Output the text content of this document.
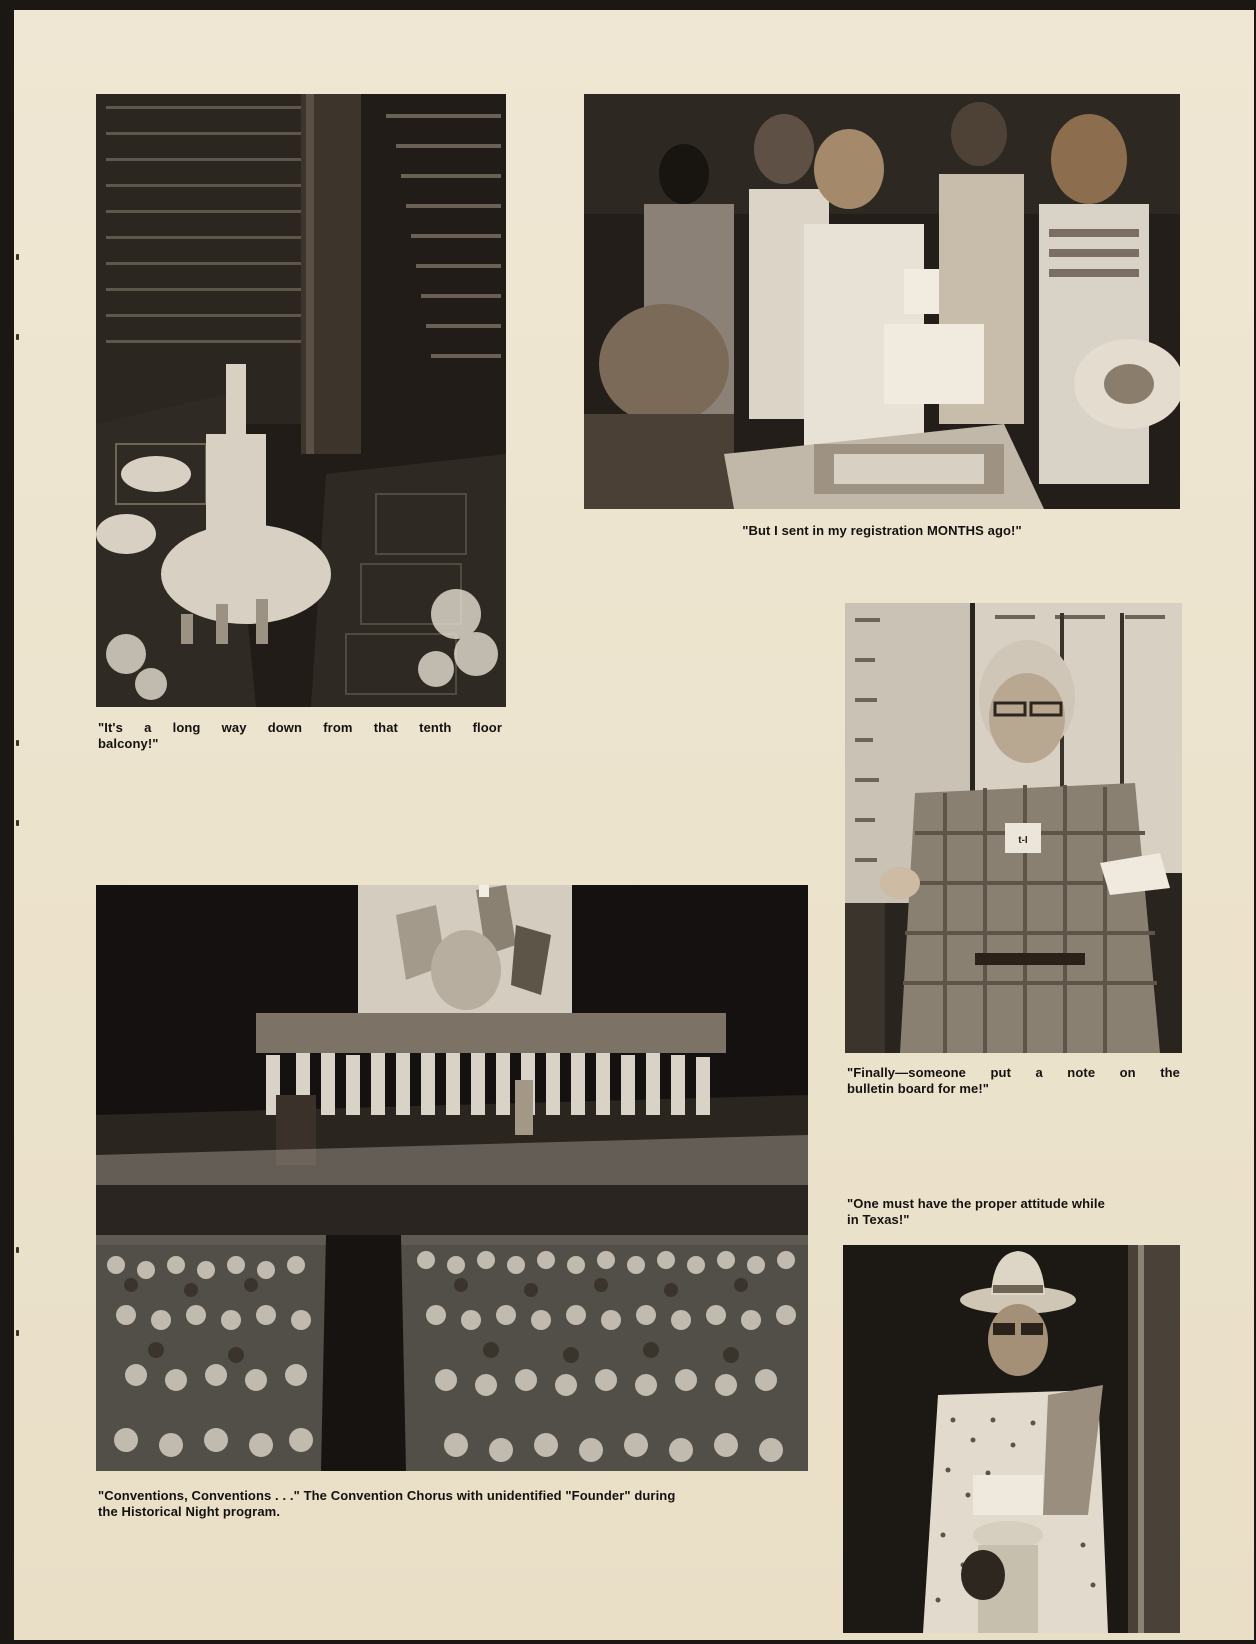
"It's a long way down from that tenth floor
balcony!"
"But I sent in my registration MONTHS ago!"
t-I
"Finally—someone put a note on the
bulletin board for me!"
"One must have the proper attitude while
in Texas!"
"Conventions, Conventions . . ." The Convention Chorus with unidentified "Founder" during
the Historical Night program.
